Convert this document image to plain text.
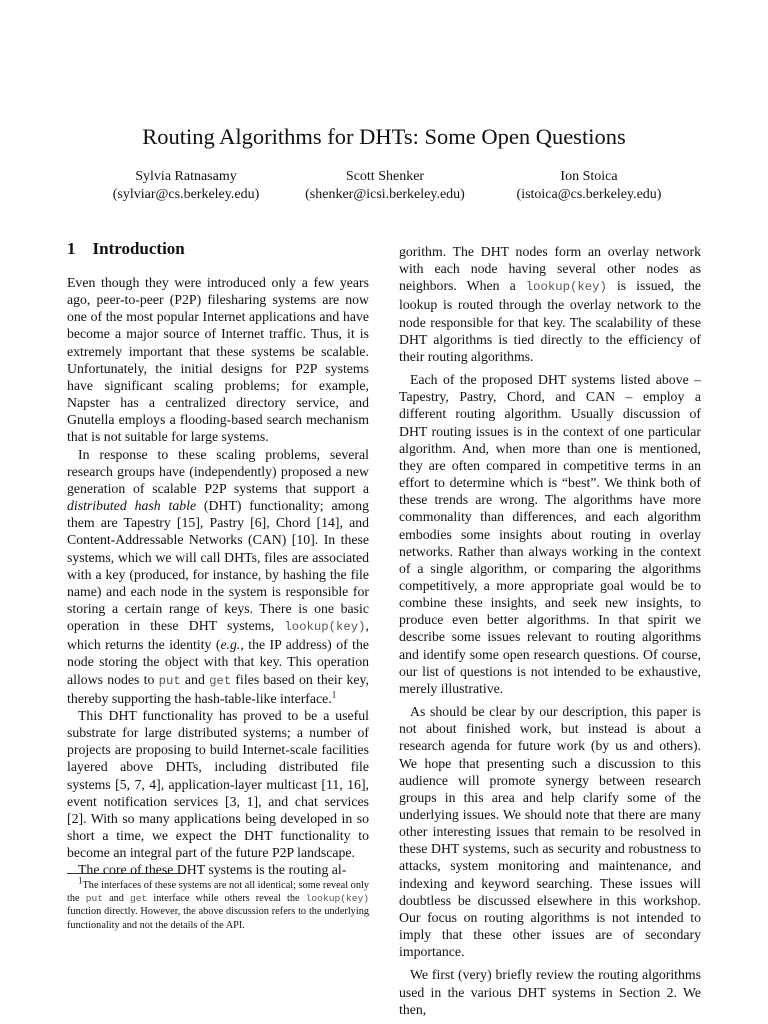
Routing Algorithms for DHTs: Some Open Questions
Sylvia Ratnasamy
(sylviar@cs.berkeley.edu)
Scott Shenker
(shenker@icsi.berkeley.edu)
Ion Stoica
(istoica@cs.berkeley.edu)
1 Introduction

Even though they were introduced only a few years ago, peer-to-peer (P2P) filesharing systems are now one of the most popular Internet applications and have become a major source of Internet traffic. Thus, it is extremely important that these systems be scalable. Unfortunately, the initial designs for P2P systems have significant scaling problems; for example, Napster has a centralized directory service, and Gnutella employs a flooding-based search mechanism that is not suitable for large systems.

In response to these scaling problems, several research groups have (independently) proposed a new generation of scalable P2P systems that support a distributed hash table (DHT) functionality; among them are Tapestry [15], Pastry [6], Chord [14], and Content-Addressable Networks (CAN) [10]. In these systems, which we will call DHTs, files are associated with a key (produced, for instance, by hashing the file name) and each node in the system is responsible for storing a certain range of keys. There is one basic operation in these DHT systems, lookup(key), which returns the identity (e.g., the IP address) of the node storing the object with that key. This operation allows nodes to put and get files based on their key, thereby supporting the hash-table-like interface.$^1$

This DHT functionality has proved to be a useful substrate for large distributed systems; a number of projects are proposing to build Internet-scale facilities layered above DHTs, including distributed file systems [5, 7, 4], application-layer multicast [11, 16], event notification services [3, 1], and chat services [2]. With so many applications being developed in so short a time, we expect the DHT functionality to become an integral part of the future P2P landscape.

The core of these DHT systems is the routing al-

$^1$The interfaces of these systems are not all identical; some reveal only the put and get interface while others reveal the lookup(key) function directly. However, the above discussion refers to the underlying functionality and not the details of the API.

gorithm. The DHT nodes form an overlay network with each node having several other nodes as neighbors. When a lookup(key) is issued, the lookup is routed through the overlay network to the node responsible for that key. The scalability of these DHT algorithms is tied directly to the efficiency of their routing algorithms.

Each of the proposed DHT systems listed above – Tapestry, Pastry, Chord, and CAN – employ a different routing algorithm. Usually discussion of DHT routing issues is in the context of one particular algorithm. And, when more than one is mentioned, they are often compared in competitive terms in an effort to determine which is “best”. We think both of these trends are wrong. The algorithms have more commonality than differences, and each algorithm embodies some insights about routing in overlay networks. Rather than always working in the context of a single algorithm, or comparing the algorithms competitively, a more appropriate goal would be to combine these insights, and seek new insights, to produce even better algorithms. In that spirit we describe some issues relevant to routing algorithms and identify some open research questions. Of course, our list of questions is not intended to be exhaustive, merely illustrative.

As should be clear by our description, this paper is not about finished work, but instead is about a research agenda for future work (by us and others). We hope that presenting such a discussion to this audience will promote synergy between research groups in this area and help clarify some of the underlying issues. We should note that there are many other interesting issues that remain to be resolved in these DHT systems, such as security and robustness to attacks, system monitoring and maintenance, and indexing and keyword searching. These issues will doubtless be discussed elsewhere in this workshop. Our focus on routing algorithms is not intended to imply that these other issues are of secondary importance.

We first (very) briefly review the routing algorithms used in the various DHT systems in Section 2. We then,
